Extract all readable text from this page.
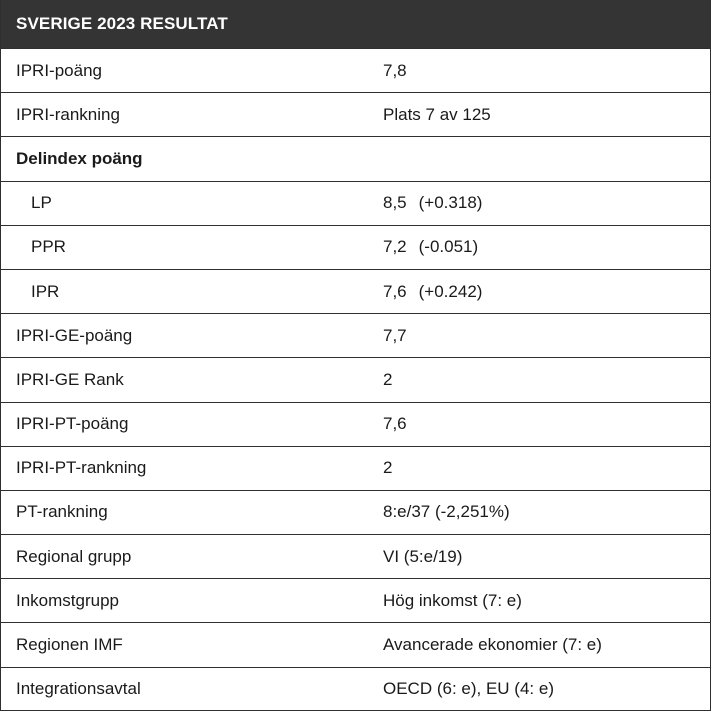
SVERIGE 2023 RESULTAT
IPRI-poäng	7,8
IPRI-rankning	Plats 7 av 125
Delindex poäng
LP	8,5 (+0.318)
PPR	7,2 (-0.051)
IPR	7,6 (+0.242)
IPRI-GE-poäng	7,7
IPRI-GE Rank	2
IPRI-PT-poäng	7,6
IPRI-PT-rankning	2
PT-rankning	8:e/37 (-2,251%)
Regional grupp	VI (5:e/19)
Inkomstgrupp	Hög inkomst (7: e)
Regionen IMF	Avancerade ekonomier (7: e)
Integrationsavtal	OECD (6: e), EU (4: e)
